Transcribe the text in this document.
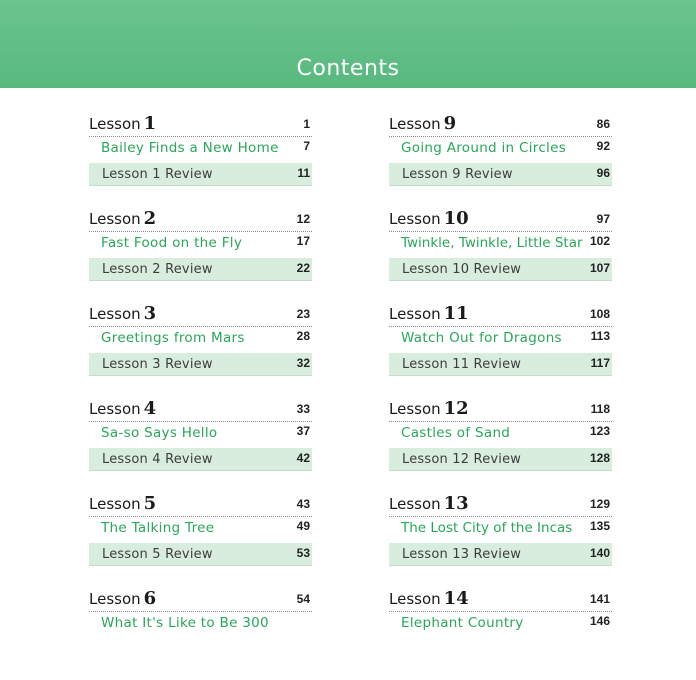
Contents
Lesson 1	1
Bailey Finds a New Home 7
Lesson 1 Review	11
Lesson 2	12
Fast Food on the Fly	17
Lesson 2 Review	22
Lesson 3	23
Greetings from Mars	28
Lesson 3 Review	32
Lesson 4	33
Sa-so Says Hello	37
Lesson 4 Review	42
Lesson 5	43
The Talking Tree	49
Lesson 5 Review	53
Lesson 6	54
What It's Like to Be 300
Lesson 9	86
Going Around in Circles	92
Lesson 9 Review	96
Lesson 10	97
Twinkle, Twinkle, Little Star 102
Lesson 10 Review	107
Lesson 11	108
Watch Out for Dragons 113
Lesson 11 Review	117
Lesson 12	118
Castles of Sand	123
Lesson 12 Review	128
Lesson 13	129
The Lost City of the Incas 135
Lesson 13 Review	140
Lesson 14	141
Elephant Country	146
